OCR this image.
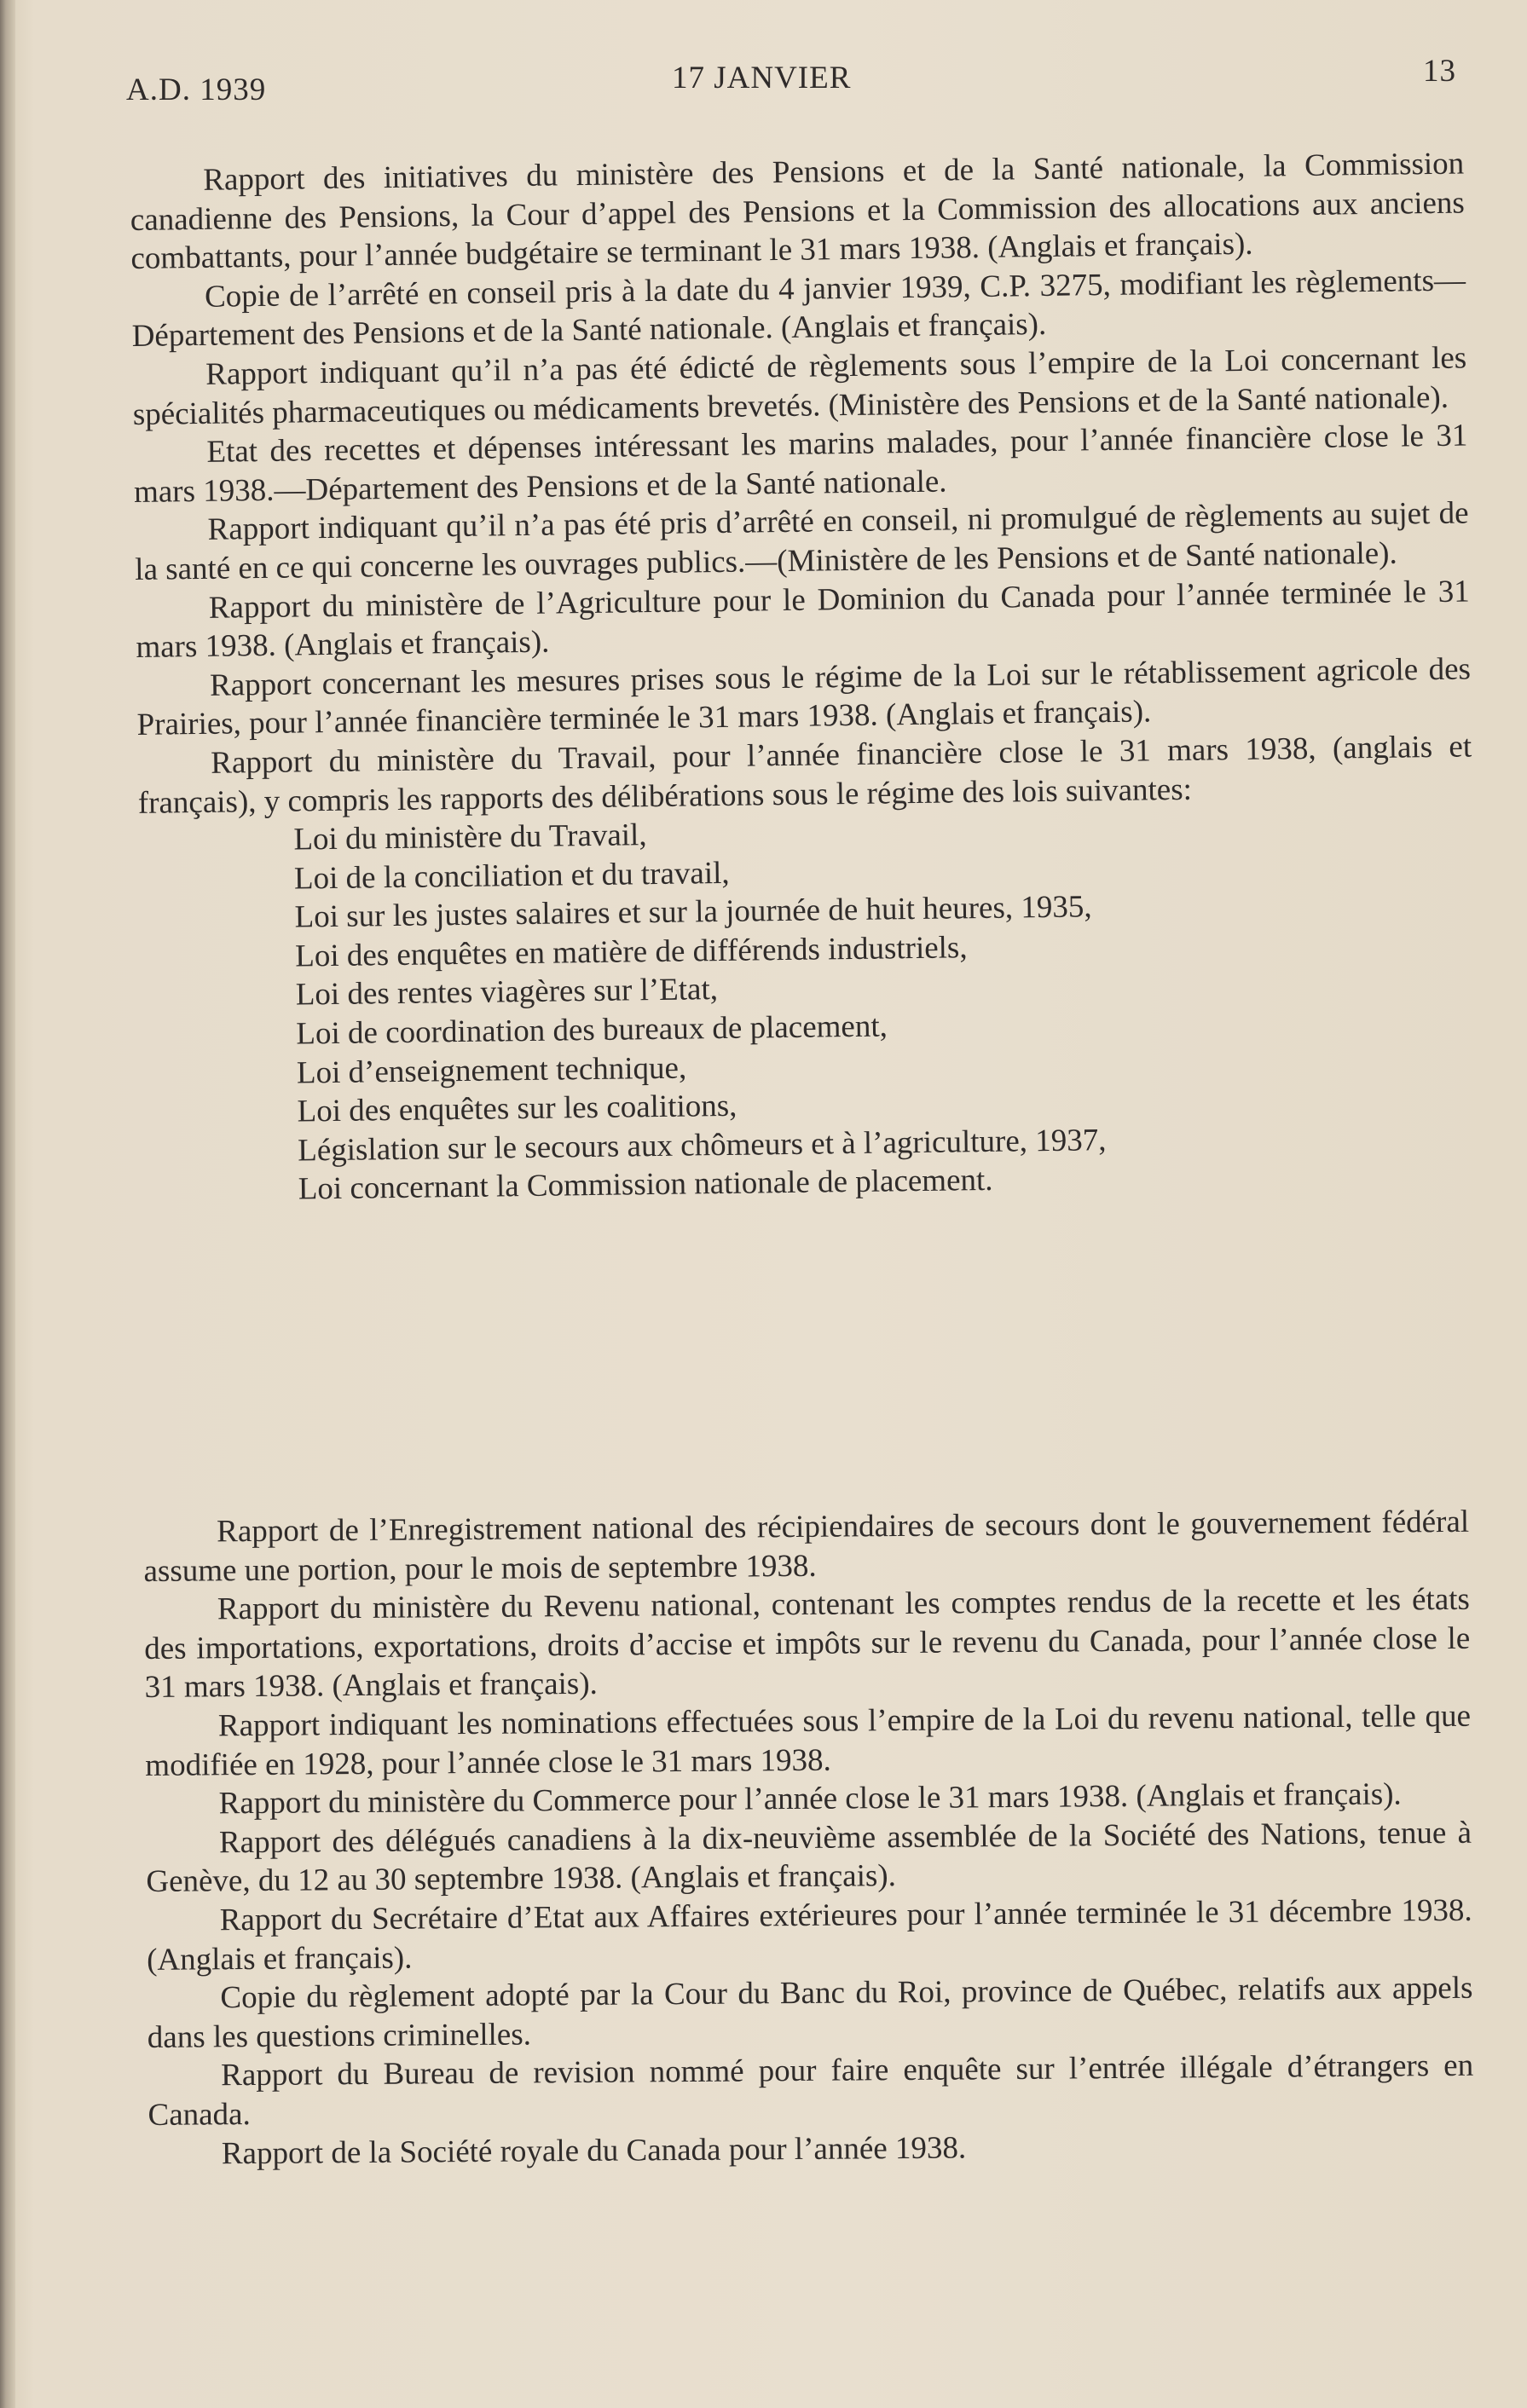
A.D. 1939	17 JANVIER	13

Rapport des initiatives du ministère des Pensions et de la Santé nationale, la Commission canadienne des Pensions, la Cour d’appel des Pensions et la Commission des allocations aux anciens combattants, pour l’année budgétaire se terminant le 31 mars 1938. (Anglais et français).

Copie de l’arrêté en conseil pris à la date du 4 janvier 1939, C.P. 3275, modifiant les règlements—Département des Pensions et de la Santé nationale. (Anglais et français).

Rapport indiquant qu’il n’a pas été édicté de règlements sous l’empire de la Loi concernant les spécialités pharmaceutiques ou médicaments brevetés. (Ministère des Pensions et de la Santé nationale).

Etat des recettes et dépenses intéressant les marins malades, pour l’année financière close le 31 mars 1938.—Département des Pensions et de la Santé nationale.

Rapport indiquant qu’il n’a pas été pris d’arrêté en conseil, ni promulgué de règlements au sujet de la santé en ce qui concerne les ouvrages publics.—(Ministère de les Pensions et de Santé nationale).

Rapport du ministère de l’Agriculture pour le Dominion du Canada pour l’année terminée le 31 mars 1938. (Anglais et français).

Rapport concernant les mesures prises sous le régime de la Loi sur le rétablissement agricole des Prairies, pour l’année financière terminée le 31 mars 1938. (Anglais et français).

Rapport du ministère du Travail, pour l’année financière close le 31 mars 1938, (anglais et français), y compris les rapports des délibérations sous le régime des lois suivantes:

Loi du ministère du Travail,
Loi de la conciliation et du travail,
Loi sur les justes salaires et sur la journée de huit heures, 1935,
Loi des enquêtes en matière de différends industriels,
Loi des rentes viagères sur l’Etat,
Loi de coordination des bureaux de placement,
Loi d’enseignement technique,
Loi des enquêtes sur les coalitions,
Législation sur le secours aux chômeurs et à l’agriculture, 1937,
Loi concernant la Commission nationale de placement.

Rapport de l’Enregistrement national des récipiendaires de secours dont le gouvernement fédéral assume une portion, pour le mois de septembre 1938.

Rapport du ministère du Revenu national, contenant les comptes rendus de la recette et les états des importations, exportations, droits d’accise et impôts sur le revenu du Canada, pour l’année close le 31 mars 1938. (Anglais et français).

Rapport indiquant les nominations effectuées sous l’empire de la Loi du revenu national, telle que modifiée en 1928, pour l’année close le 31 mars 1938.

Rapport du ministère du Commerce pour l’année close le 31 mars 1938. (Anglais et français).

Rapport des délégués canadiens à la dix-neuvième assemblée de la Société des Nations, tenue à Genève, du 12 au 30 septembre 1938. (Anglais et français).

Rapport du Secrétaire d’Etat aux Affaires extérieures pour l’année terminée le 31 décembre 1938. (Anglais et français).

Copie du règlement adopté par la Cour du Banc du Roi, province de Québec, relatifs aux appels dans les questions criminelles.

Rapport du Bureau de revision nommé pour faire enquête sur l’entrée illégale d’étrangers en Canada.

Rapport de la Société royale du Canada pour l’année 1938.
